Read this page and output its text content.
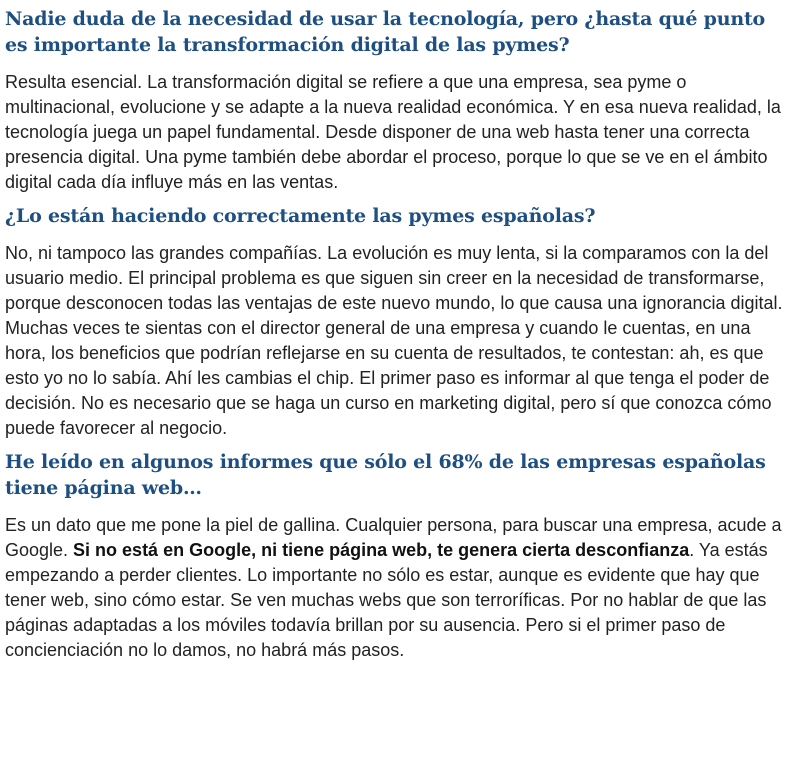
Nadie duda de la necesidad de usar la tecnología, pero ¿hasta qué punto es importante la transformación digital de las pymes?

Resulta esencial. La transformación digital se refiere a que una empresa, sea pyme o multinacional, evolucione y se adapte a la nueva realidad económica. Y en esa nueva realidad, la tecnología juega un papel fundamental. Desde disponer de una web hasta tener una correcta presencia digital. Una pyme también debe abordar el proceso, porque lo que se ve en el ámbito digital cada día influye más en las ventas.

¿Lo están haciendo correctamente las pymes españolas?

No, ni tampoco las grandes compañías. La evolución es muy lenta, si la comparamos con la del usuario medio. El principal problema es que siguen sin creer en la necesidad de transformarse, porque desconocen todas las ventajas de este nuevo mundo, lo que causa una ignorancia digital. Muchas veces te sientas con el director general de una empresa y cuando le cuentas, en una hora, los beneficios que podrían reflejarse en su cuenta de resultados, te contestan: ah, es que esto yo no lo sabía. Ahí les cambias el chip. El primer paso es informar al que tenga el poder de decisión. No es necesario que se haga un curso en marketing digital, pero sí que conozca cómo puede favorecer al negocio.

He leído en algunos informes que sólo el 68% de las empresas españolas tiene página web…

Es un dato que me pone la piel de gallina. Cualquier persona, para buscar una empresa, acude a Google. Si no está en Google, ni tiene página web, te genera cierta desconfianza. Ya estás empezando a perder clientes. Lo importante no sólo es estar, aunque es evidente que hay que tener web, sino cómo estar. Se ven muchas webs que son terroríficas. Por no hablar de que las páginas adaptadas a los móviles todavía brillan por su ausencia. Pero si el primer paso de concienciación no lo damos, no habrá más pasos.
